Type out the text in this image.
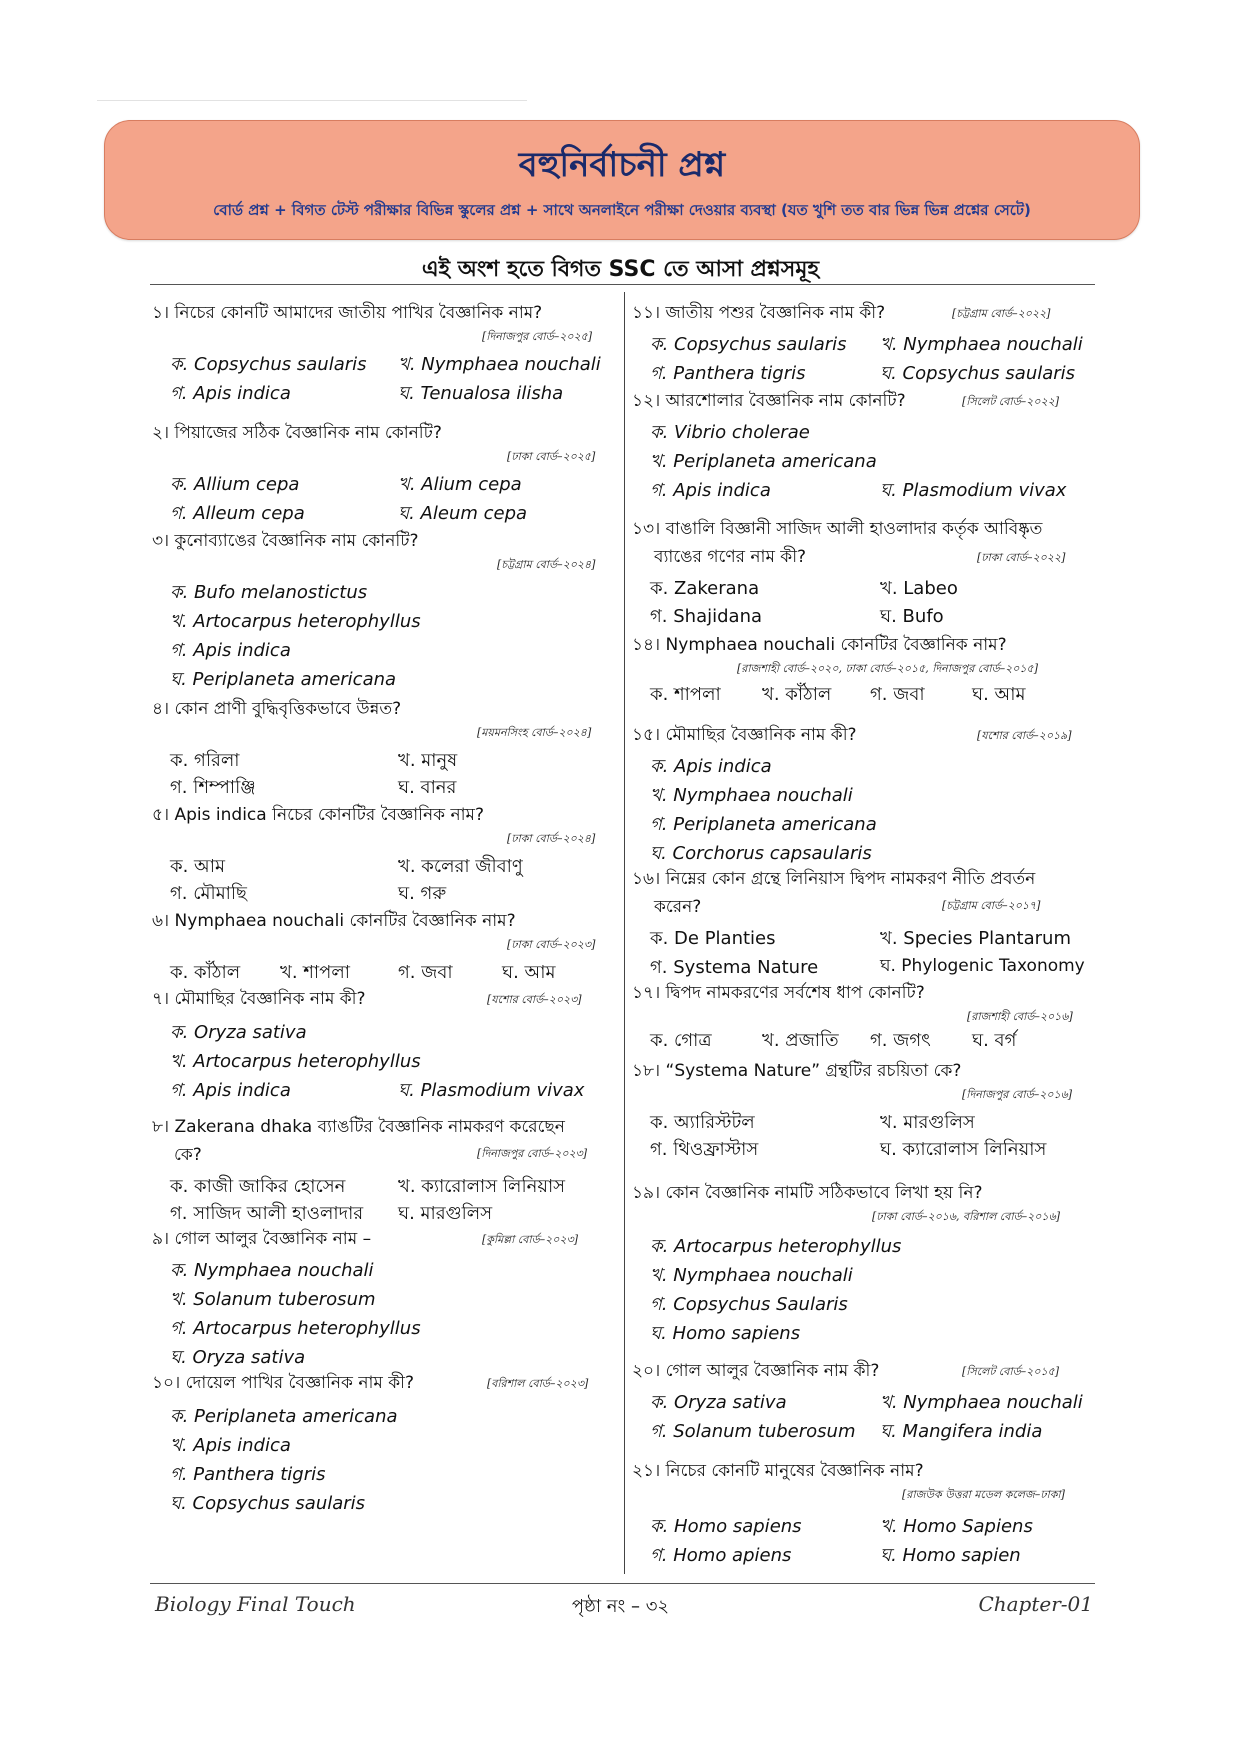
বহুনির্বাচনী প্রশ্ন
বোর্ড প্রশ্ন + বিগত টেস্ট পরীক্ষার বিভিন্ন স্কুলের প্রশ্ন + সাথে অনলাইনে পরীক্ষা দেওয়ার ব্যবস্থা (যত খুশি তত বার ভিন্ন ভিন্ন প্রশ্নের সেটে)
এই অংশ হতে বিগত SSC তে আসা প্রশ্নসমূহ
১। নিচের কোনটি আমাদের জাতীয় পাখির বৈজ্ঞানিক নাম?
[দিনাজপুর বোর্ড–২০২৫]
ক. Copsychus saularis খ. Nymphaea nouchali
গ. Apis indica	ঘ. Tenualosa ilisha
২। পিয়াজের সঠিক বৈজ্ঞানিক নাম কোনটি?
[ঢাকা বোর্ড–২০২৫]
ক. Allium cepa	খ. Alium cepa
গ. Alleum cepa	ঘ. Aleum cepa
৩। কুনোব্যাঙের বৈজ্ঞানিক নাম কোনটি?
[চট্টগ্রাম বোর্ড–২০২৪]
ক. Bufo melanostictus
খ. Artocarpus heterophyllus
গ. Apis indica
ঘ. Periplaneta americana
৪। কোন প্রাণী বুদ্ধিবৃত্তিকভাবে উন্নত?
[ময়মনসিংহ বোর্ড–২০২৪]
ক. গরিলা	খ. মানুষ
গ. শিম্পাঞ্জি	ঘ. বানর
৫। Apis indica নিচের কোনটির বৈজ্ঞানিক নাম?
[ঢাকা বোর্ড–২০২৪]
ক. আম	খ. কলেরা জীবাণু
গ. মৌমাছি	ঘ. গরু
৬। Nymphaea nouchali কোনটির বৈজ্ঞানিক নাম?
[ঢাকা বোর্ড–২০২৩]
ক. কাঁঠাল খ. শাপলা	গ. জবা	ঘ. আম
৭। মৌমাছির বৈজ্ঞানিক নাম কী?	[যশোর বোর্ড–২০২৩]
ক. Oryza sativa
খ. Artocarpus heterophyllus
গ. Apis indica	ঘ. Plasmodium vivax
৮। Zakerana dhaka ব্যাঙটির বৈজ্ঞানিক নামকরণ করেছেন
কে?	[দিনাজপুর বোর্ড–২০২৩]
ক. কাজী জাকির হোসেন	খ. ক্যারোলাস লিনিয়াস
গ. সাজিদ আলী হাওলাদার ঘ. মারগুলিস
৯। গোল আলুর বৈজ্ঞানিক নাম –	[কুমিল্লা বোর্ড–২০২৩]
ক. Nymphaea nouchali
খ. Solanum tuberosum
গ. Artocarpus heterophyllus
ঘ. Oryza sativa
১০। দোয়েল পাখির বৈজ্ঞানিক নাম কী?	[বরিশাল বোর্ড–২০২৩]
ক. Periplaneta americana
খ. Apis indica
গ. Panthera tigris
ঘ. Copsychus saularis
১১। জাতীয় পশুর বৈজ্ঞানিক নাম কী?	[চট্টগ্রাম বোর্ড–২০২২]
ক. Copsychus saularis খ. Nymphaea nouchali
গ. Panthera tigris	ঘ. Copsychus saularis
১২। আরশোলার বৈজ্ঞানিক নাম কোনটি?	[সিলেট বোর্ড–২০২২]
ক. Vibrio cholerae
খ. Periplaneta americana
গ. Apis indica	ঘ. Plasmodium vivax
১৩। বাঙালি বিজ্ঞানী সাজিদ আলী হাওলাদার কর্তৃক আবিষ্কৃত
ব্যাঙের গণের নাম কী?	[ঢাকা বোর্ড–২০২২]
ক. Zakerana	খ. Labeo
গ. Shajidana	ঘ. Bufo
১৪। Nymphaea nouchali কোনটির বৈজ্ঞানিক নাম?
[রাজশাহী বোর্ড–২০২০, ঢাকা বোর্ড–২০১৫, দিনাজপুর বোর্ড–২০১৫]
ক. শাপলা খ. কাঁঠাল গ. জবা	ঘ. আম
১৫। মৌমাছির বৈজ্ঞানিক নাম কী?	[যশোর বোর্ড–২০১৯]
ক. Apis indica
খ. Nymphaea nouchali
গ. Periplaneta americana
ঘ. Corchorus capsaularis
১৬। নিম্নের কোন গ্রন্থে লিনিয়াস দ্বিপদ নামকরণ নীতি প্রবর্তন
করেন?	[চট্টগ্রাম বোর্ড–২০১৭]
ক. De Planties	খ. Species Plantarum
গ. Systema Nature	ঘ. Phylogenic Taxonomy
১৭। দ্বিপদ নামকরণের সর্বশেষ ধাপ কোনটি?
[রাজশাহী বোর্ড–২০১৬]
ক. গোত্র	খ. প্রজাতি গ. জগৎ ঘ. বর্গ
১৮। “Systema Nature” গ্রন্থটির রচয়িতা কে?
[দিনাজপুর বোর্ড–২০১৬]
ক. অ্যারিস্টটল	খ. মারগুলিস
গ. থিওফ্রাস্টাস	ঘ. ক্যারোলাস লিনিয়াস
১৯। কোন বৈজ্ঞানিক নামটি সঠিকভাবে লিখা হয় নি?
[ঢাকা বোর্ড–২০১৬, বরিশাল বোর্ড–২০১৬]
ক. Artocarpus heterophyllus
খ. Nymphaea nouchali
গ. Copsychus Saularis
ঘ. Homo sapiens
২০। গোল আলুর বৈজ্ঞানিক নাম কী?	[সিলেট বোর্ড–২০১৫]
ক. Oryza sativa	খ. Nymphaea nouchali
গ. Solanum tuberosum ঘ. Mangifera india
২১। নিচের কোনটি মানুষের বৈজ্ঞানিক নাম?
[রাজউক উত্তরা মডেল কলেজ–ঢাকা]
ক. Homo sapiens	খ. Homo Sapiens
গ. Homo apiens	ঘ. Homo sapien
Biology Final Touch	পৃষ্ঠা নং – ৩২	Chapter-01
